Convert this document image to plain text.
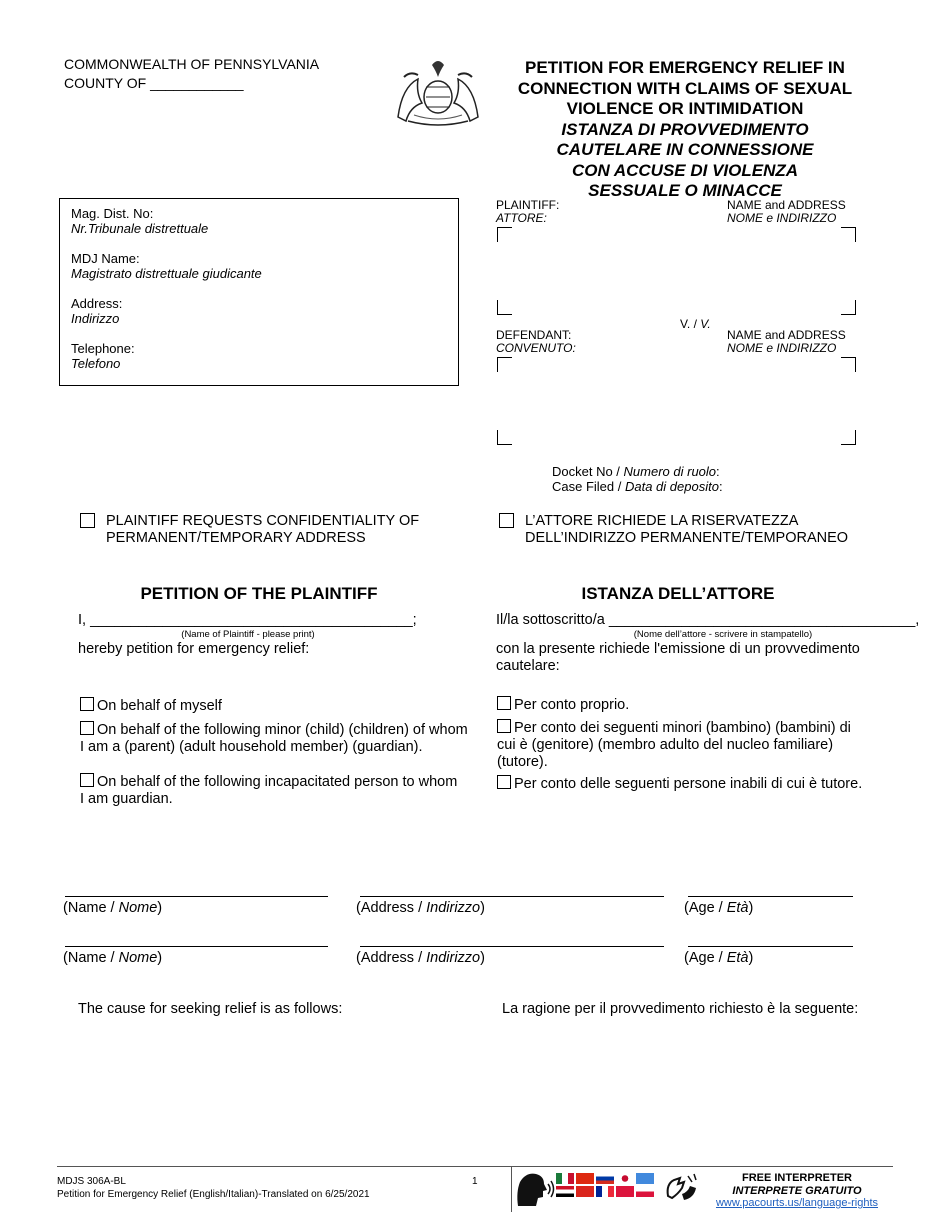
COMMONWEALTH OF PENNSYLVANIA
COUNTY OF ____________
PETITION FOR EMERGENCY RELIEF IN
CONNECTION WITH CLAIMS OF SEXUAL
VIOLENCE OR INTIMIDATION
ISTANZA DI PROVVEDIMENTO
CAUTELARE IN CONNESSIONE
CON ACCUSE DI VIOLENZA
SESSUALE O MINACCE
Mag. Dist. No:
Nr.Tribunale distrettuale
MDJ Name:
Magistrato distrettuale giudicante
Address:
Indirizzo
Telephone:
Telefono
PLAINTIFF:
ATTORE:
NAME and ADDRESS
NOME e INDIRIZZO
V. / V.
DEFENDANT:
CONVENUTO:
NAME and ADDRESS
NOME e INDIRIZZO
Docket No / Numero di ruolo:
Case Filed / Data di deposito:
PLAINTIFF REQUESTS CONFIDENTIALITY OF
PERMANENT/TEMPORARY ADDRESS
L’ATTORE RICHIEDE LA RISERVATEZZA
DELL’INDIRIZZO PERMANENTE/TEMPORANEO
PETITION OF THE PLAINTIFF	ISTANZA DELL’ATTORE
I, ________________________________________;
(Name of Plaintiff - please print)
hereby petition for emergency relief:
Il/la sottoscritto/a ______________________________________,
(Nome dell’attore - scrivere in stampatello)
con la presente richiede l'emissione di un provvedimento
cautelare:
On behalf of myself
On behalf of the following minor (child) (children) of whom
I am a (parent) (adult household member) (guardian).
On behalf of the following incapacitated person to whom
I am guardian.
Per conto proprio.
Per conto dei seguenti minori (bambino) (bambini) di
cui è (genitore) (membro adulto del nucleo familiare)
(tutore).
Per conto delle seguenti persone inabili di cui è tutore.
(Name / Nome)	(Address / Indirizzo)	(Age / Età)
(Name / Nome)	(Address / Indirizzo)	(Age / Età)
The cause for seeking relief is as follows:	La ragione per il provvedimento richiesto è la seguente:
MDJS 306A-BL
Petition for Emergency Relief (English/Italian)-Translated on 6/25/2021
1
	FREE INTERPRETER
INTERPRETE GRATUITO
www.pacourts.us/language-rights
